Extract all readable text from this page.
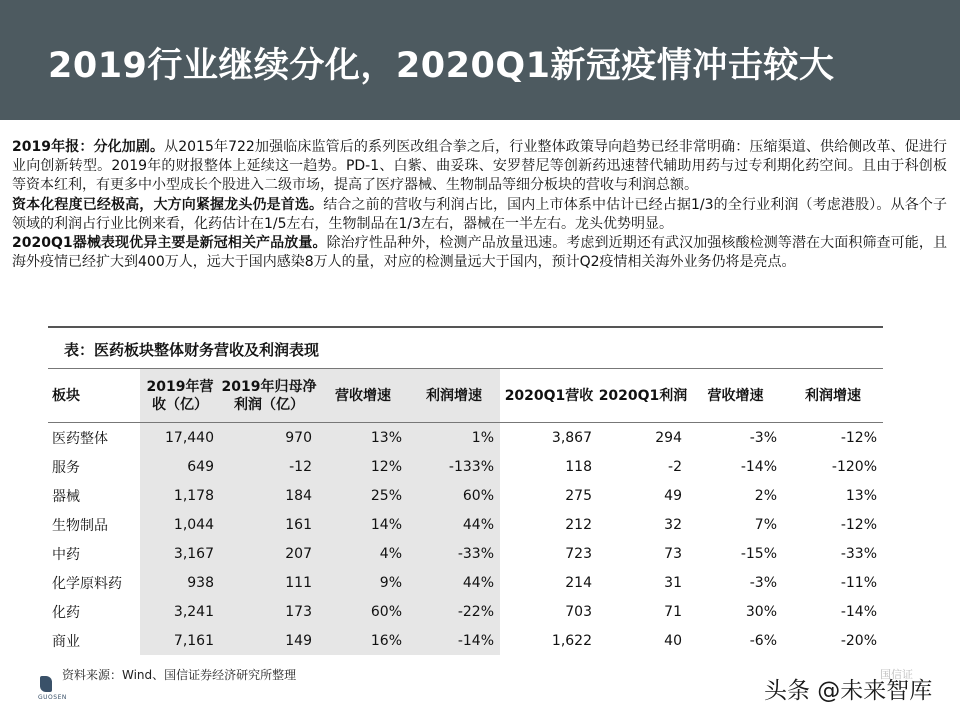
2019行业继续分化，2020Q1新冠疫情冲击较大

2019年报：分化加剧。从2015年722加强临床监管后的系列医改组合拳之后，行业整体政策导向趋势已经非常明确：压缩渠道、供给侧改革、促进行业向创新转型。2019年的财报整体上延续这一趋势。PD-1、白紫、曲妥珠、安罗替尼等创新药迅速替代辅助用药与过专利期化药空间。且由于科创板等资本红利，有更多中小型成长个股进入二级市场，提高了医疗器械、生物制品等细分板块的营收与利润总额。

资本化程度已经极高，大方向紧握龙头仍是首选。结合之前的营收与利润占比，国内上市体系中估计已经占据1/3的全行业利润（考虑港股）。从各个子领域的利润占行业比例来看，化药估计在1/5左右，生物制品在1/3左右，器械在一半左右。龙头优势明显。

2020Q1器械表现优异主要是新冠相关产品放量。除治疗性品种外，检测产品放量迅速。考虑到近期还有武汉加强核酸检测等潜在大面积筛查可能，且海外疫情已经扩大到400万人，远大于国内感染8万人的量，对应的检测量远大于国内，预计Q2疫情相关海外业务仍将是亮点。

表：医药板块整体财务营收及利润表现
板块	2019年营收（亿）	2019年归母净利润（亿）	营收增速	利润增速	2020Q1营收	2020Q1利润	营收增速	利润增速
医药整体	17,440	970	13%	1%	3,867	294	-3%	-12%
服务	649	-12	12%	-133%	118	-2	-14%	-120%
器械	1,178	184	25%	60%	275	49	2%	13%
生物制品	1,044	161	14%	44%	212	32	7%	-12%
中药	3,167	207	4%	-33%	723	73	-15%	-33%
化学原料药	938	111	9%	44%	214	31	-3%	-11%
化药	3,241	173	60%	-22%	703	71	30%	-14%
商业	7,161	149	16%	-14%	1,622	40	-6%	-20%
GUOSEN
资料来源：Wind、国信证券经济研究所整理	国信证
头条 @未来智库
